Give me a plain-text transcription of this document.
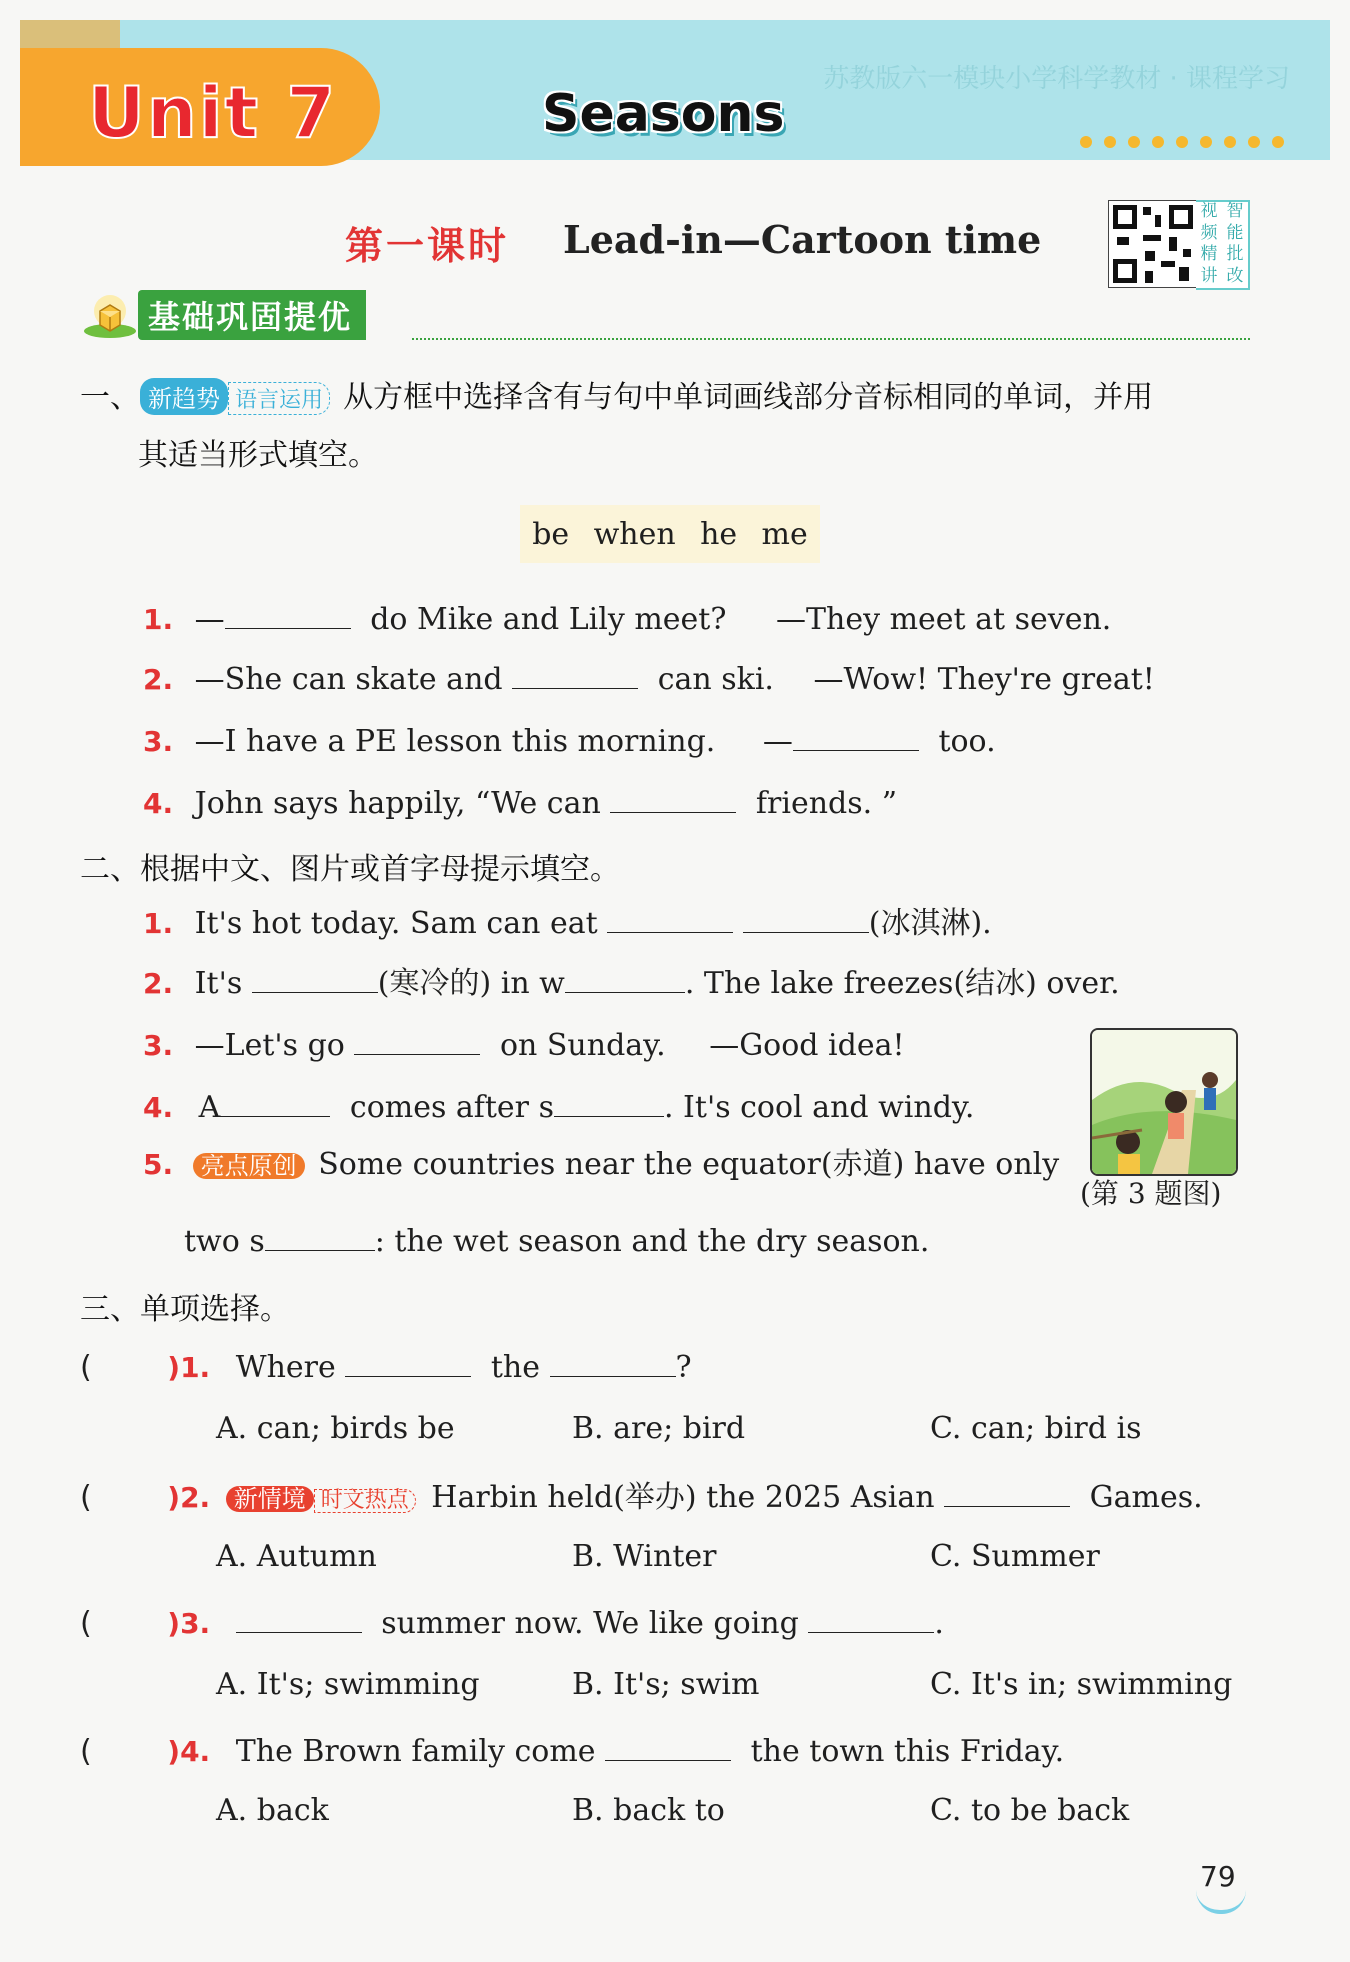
苏教版六一模块小学科学教材 · 课程学习
Unit 7	Seasons
第一课时 Lead-in—Cartoon time
视 智
频 能
精 批
讲 改
基础巩固提优
一、 新趋势 语言运用 从方框中选择含有与句中单词画线部分音标相同的单词，并用
其适当形式填空。
be when he me
1. —	do Mike and Lily meet? —They meet at seven.
2. —She can skate and	can ski. —Wow! They're great!
3. —I have a PE lesson this morning. —	too.
4. John says happily, “We can	friends. ”
二、根据中文、图片或首字母提示填空。
1. It's hot today. Sam can eat	(冰淇淋).
2. It's	(寒冷的) in w	. The lake freezes(结冰) over.
3. —Let's go	on Sunday. —Good idea!
4. A	comes after s	. It's cool and windy.
5. 亮点原创 Some countries near the equator(赤道) have only
two s	: the wet season and the dry season.
(第 3 题图)
三、单项选择。
(	)1. Where	the	?
A. can; birds be	B. are; bird	C. can; bird is
(	)2. 新情境 时文热点 Harbin held(举办) the 2025 Asian	Games.
A. Autumn	B. Winter	C. Summer
(	)3.	summer now. We like going	.
A. It's; swimming	B. It's; swim	C. It's in; swimming
(	)4. The Brown family come	the town this Friday.
A. back	B. back to	C. to be back
79
